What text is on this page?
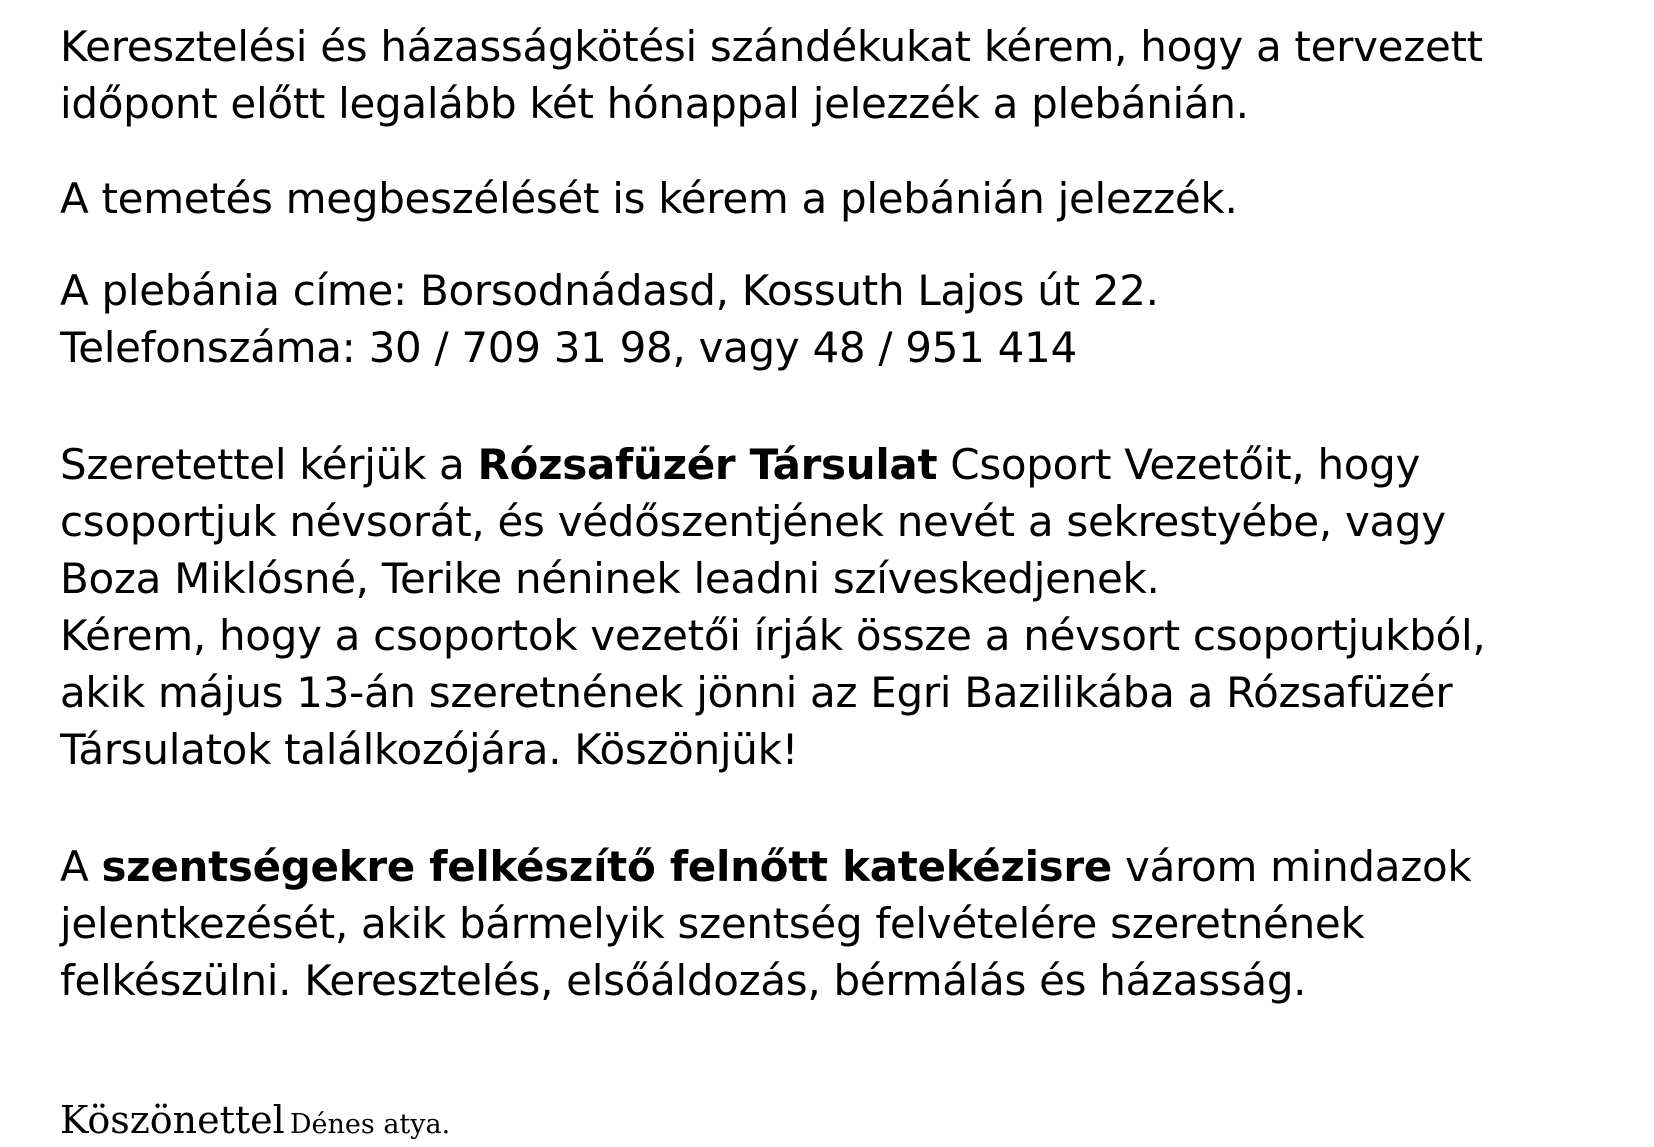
Keresztelési és házasságkötési szándékukat kérem, hogy a tervezett
időpont előtt legalább két hónappal jelezzék a plebánián.

A temetés megbeszélését is kérem a plebánián jelezzék.

A plebánia címe: Borsodnádasd, Kossuth Lajos út 22.
Telefonszáma: 30 / 709 31 98, vagy 48 / 951 414

Szeretettel kérjük a Rózsafüzér Társulat Csoport Vezetőit, hogy
csoportjuk névsorát, és védőszentjének nevét a sekrestyébe, vagy
Boza Miklósné, Terike néninek leadni szíveskedjenek.

Kérem, hogy a csoportok vezetői írják össze a névsort csoportjukból,
akik május 13-án szeretnének jönni az Egri Bazilikába a Rózsafüzér
Társulatok találkozójára. Köszönjük!

A szentségekre felkészítő felnőtt katekézisre várom mindazok
jelentkezését, akik bármelyik szentség felvételére szeretnének
felkészülni. Keresztelés, elsőáldozás, bérmálás és házasság.

Köszönettel Dénes atya.
